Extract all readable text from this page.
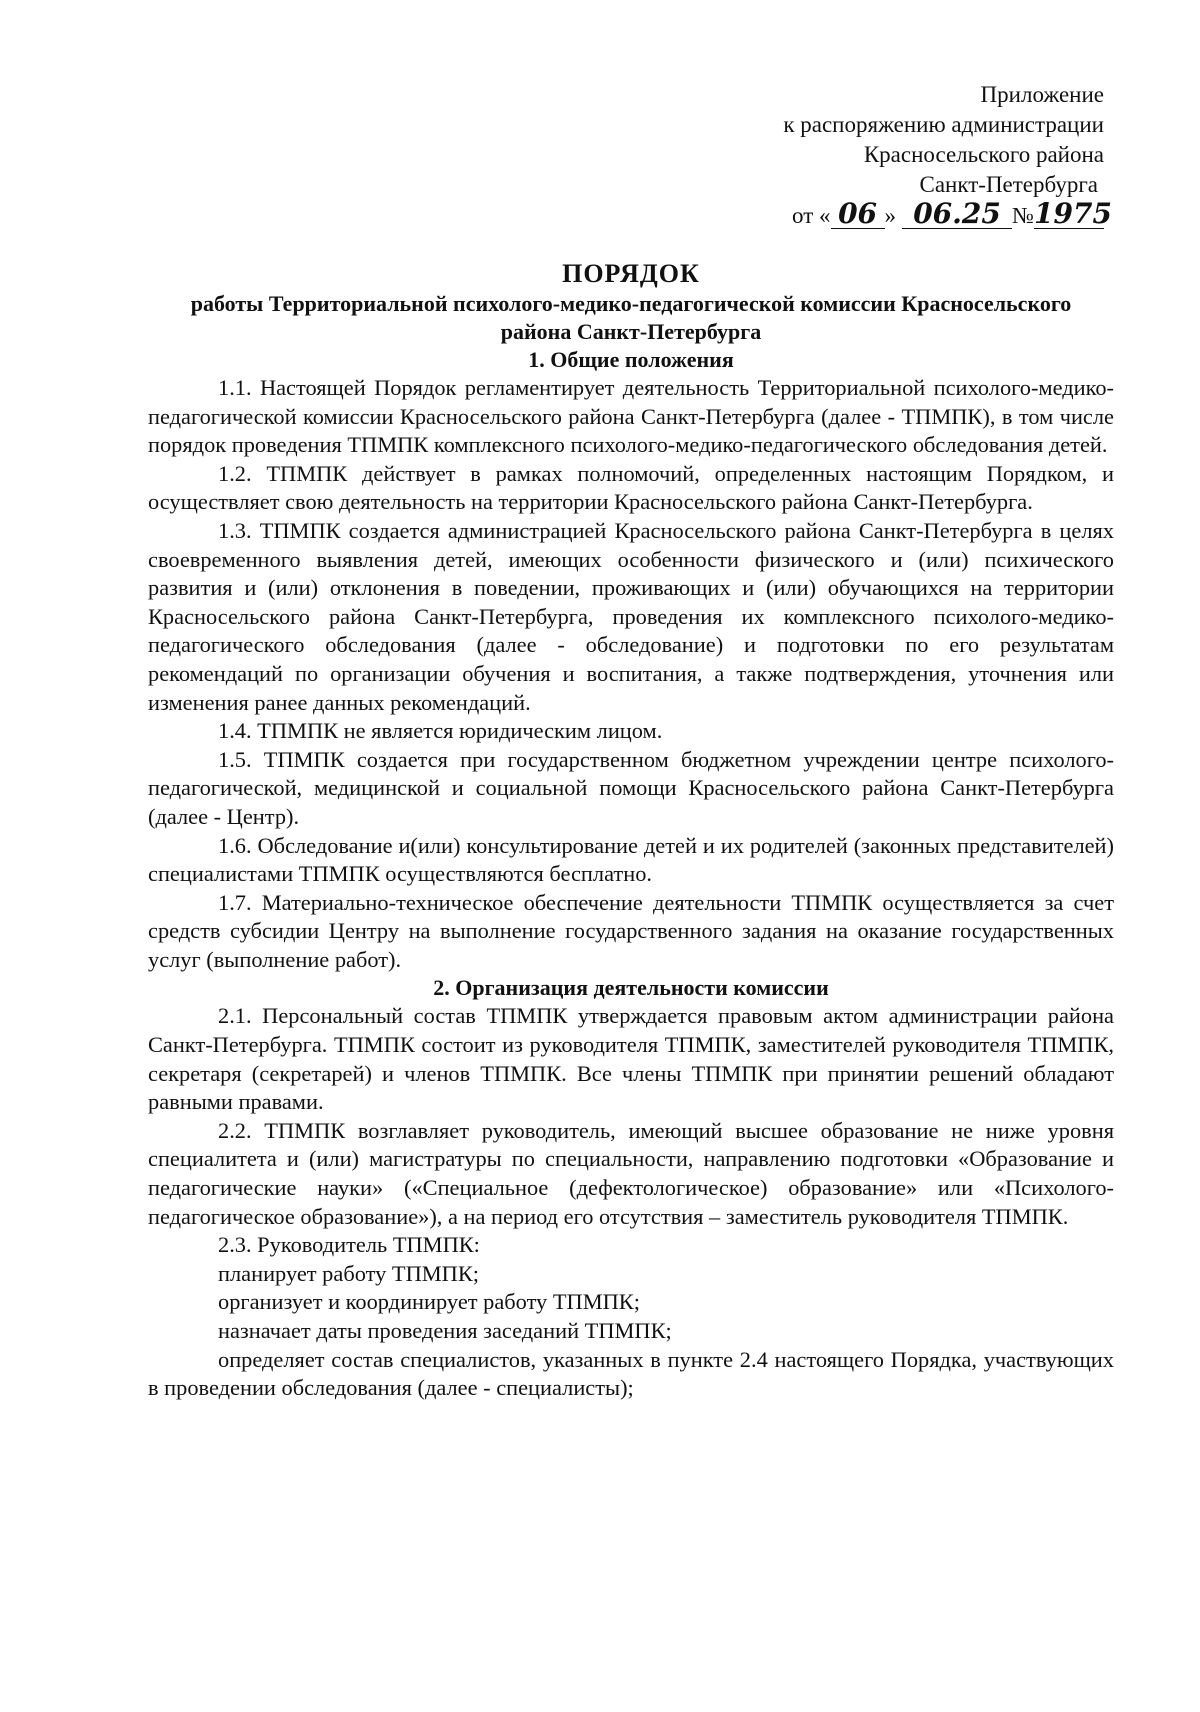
Приложение
к распоряжению администрации
Красносельского района
Санкт-Петербурга
от « 06 » 06.25 №1975
ПОРЯДОК
работы Территориальной психолого-медико-педагогической комиссии Красносельского района Санкт-Петербурга
1. Общие положения

1.1. Настоящей Порядок регламентирует деятельность Территориальной психолого-медико-педагогической комиссии Красносельского района Санкт-Петербурга (далее - ТПМПК), в том числе порядок проведения ТПМПК комплексного психолого-медико-педагогического обследования детей.

1.2. ТПМПК действует в рамках полномочий, определенных настоящим Порядком, и осуществляет свою деятельность на территории Красносельского района Санкт-Петербурга.

1.3. ТПМПК создается администрацией Красносельского района Санкт-Петербурга в целях своевременного выявления детей, имеющих особенности физического и (или) психического развития и (или) отклонения в поведении, проживающих и (или) обучающихся на территории Красносельского района Санкт-Петербурга, проведения их комплексного психолого-медико-педагогического обследования (далее - обследование) и подготовки по его результатам рекомендаций по организации обучения и воспитания, а также подтверждения, уточнения или изменения ранее данных рекомендаций.

1.4. ТПМПК не является юридическим лицом.

1.5. ТПМПК создается при государственном бюджетном учреждении центре психолого-педагогической, медицинской и социальной помощи Красносельского района Санкт-Петербурга (далее - Центр).

1.6. Обследование и(или) консультирование детей и их родителей (законных представителей) специалистами ТПМПК осуществляются бесплатно.

1.7. Материально-техническое обеспечение деятельности ТПМПК осуществляется за счет средств субсидии Центру на выполнение государственного задания на оказание государственных услуг (выполнение работ).

2. Организация деятельности комиссии

2.1. Персональный состав ТПМПК утверждается правовым актом администрации района Санкт-Петербурга. ТПМПК состоит из руководителя ТПМПК, заместителей руководителя ТПМПК, секретаря (секретарей) и членов ТПМПК. Все члены ТПМПК при принятии решений обладают равными правами.

2.2. ТПМПК возглавляет руководитель, имеющий высшее образование не ниже уровня специалитета и (или) магистратуры по специальности, направлению подготовки «Образование и педагогические науки» («Специальное (дефектологическое) образование» или «Психолого-педагогическое образование»), а на период его отсутствия – заместитель руководителя ТПМПК.

2.3. Руководитель ТПМПК:

планирует работу ТПМПК;

организует и координирует работу ТПМПК;

назначает даты проведения заседаний ТПМПК;

определяет состав специалистов, указанных в пункте 2.4 настоящего Порядка, участвующих в проведении обследования (далее - специалисты);
